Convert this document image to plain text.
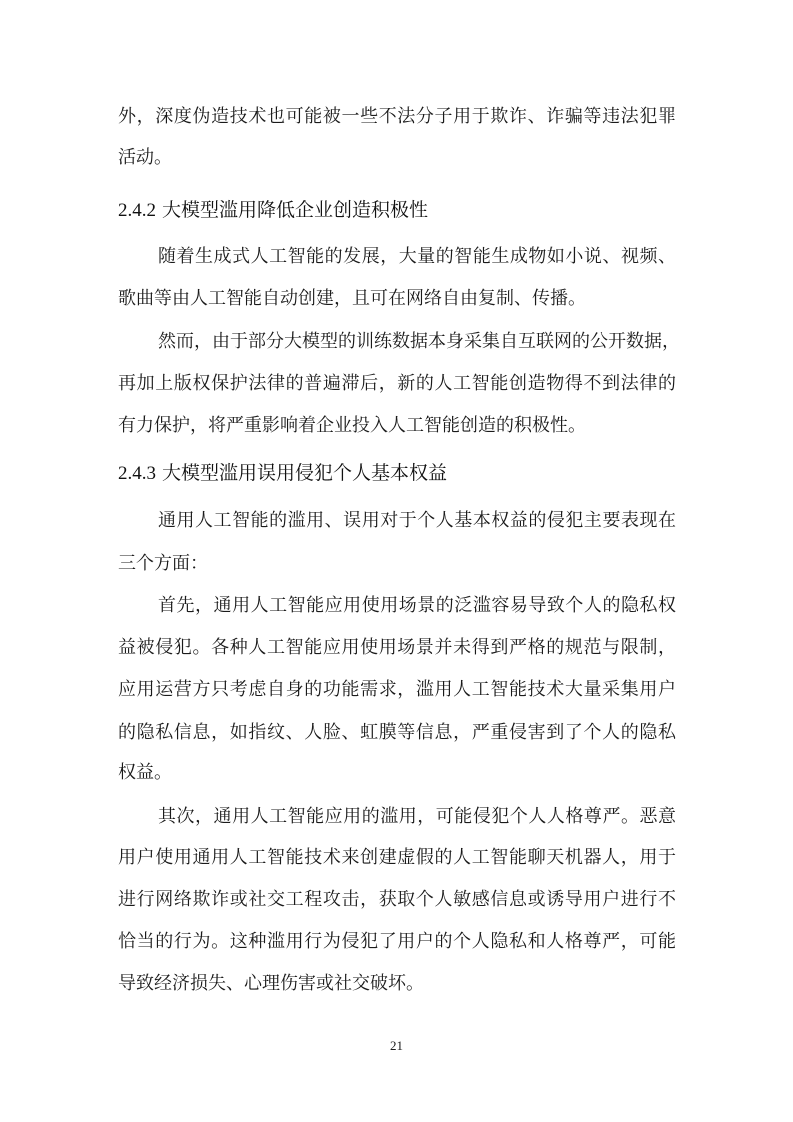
外，深度伪造技术也可能被一些不法分子用于欺诈、诈骗等违法犯罪
活动。
2.4.2 大模型滥用降低企业创造积极性
随着生成式人工智能的发展，大量的智能生成物如小说、视频、
歌曲等由人工智能自动创建，且可在网络自由复制、传播。
然而，由于部分大模型的训练数据本身采集自互联网的公开数据，
再加上版权保护法律的普遍滞后，新的人工智能创造物得不到法律的
有力保护，将严重影响着企业投入人工智能创造的积极性。
2.4.3 大模型滥用误用侵犯个人基本权益
通用人工智能的滥用、误用对于个人基本权益的侵犯主要表现在
三个方面：
首先，通用人工智能应用使用场景的泛滥容易导致个人的隐私权
益被侵犯。各种人工智能应用使用场景并未得到严格的规范与限制，
应用运营方只考虑自身的功能需求，滥用人工智能技术大量采集用户
的隐私信息，如指纹、人脸、虹膜等信息，严重侵害到了个人的隐私
权益。
其次，通用人工智能应用的滥用，可能侵犯个人人格尊严。恶意
用户使用通用人工智能技术来创建虚假的人工智能聊天机器人，用于
进行网络欺诈或社交工程攻击，获取个人敏感信息或诱导用户进行不
恰当的行为。这种滥用行为侵犯了用户的个人隐私和人格尊严，可能
导致经济损失、心理伤害或社交破坏。
21
